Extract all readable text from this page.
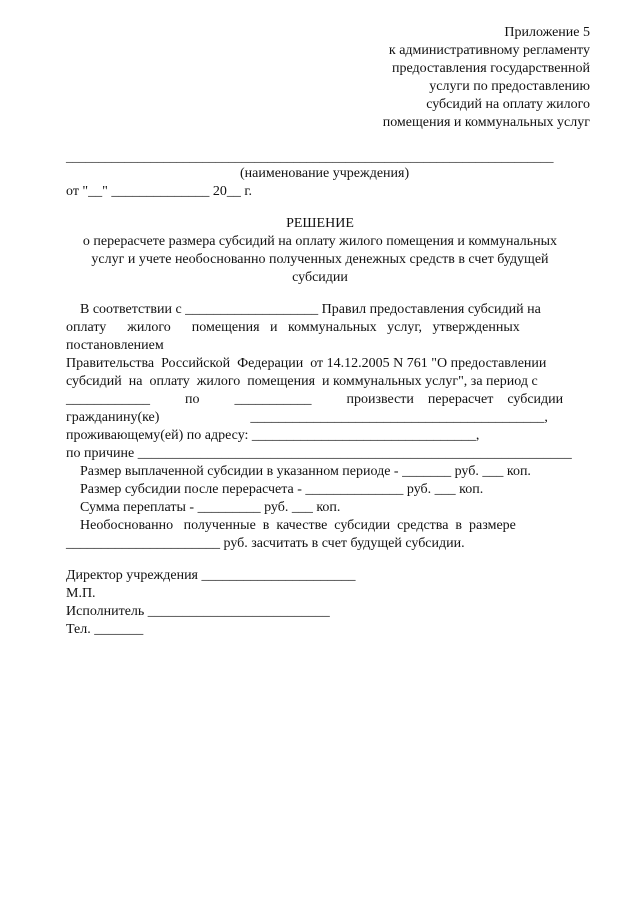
Приложение 5
к административному регламенту
предоставления государственной
услуги по предоставлению
субсидий на оплату жилого
помещения и коммунальных услуг
___________________________________________________________________________
(наименование учреждения)
от "__" ______________ 20__ г.
РЕШЕНИЕ
о перерасчете размера субсидий на оплату жилого помещения и коммунальных
услуг и учете необоснованно полученных денежных средств в счет будущей
субсидии
В соответствии с ___________________ Правил предоставления субсидий на
оплату      жилого      помещения   и   коммунальных   услуг,   утвержденных
постановлением
Правительства  Российской  Федерации  от 14.12.2005 N 761 "О предоставлении
субсидий  на  оплату  жилого  помещения  и коммунальных услуг", за период с
____________          по          ___________          произвести    перерасчет    субсидии
гражданину(ке)                          __________________________________________,
проживающему(ей) по адресу: ________________________________,
по причине ______________________________________________________________
Размер выплаченной субсидии в указанном периоде - _______ руб. ___ коп.
Размер субсидии после перерасчета - ______________ руб. ___ коп.
Сумма переплаты - _________ руб. ___ коп.
Необоснованно   полученные  в  качестве  субсидии  средства  в  размере
______________________ руб. засчитать в счет будущей субсидии.
Директор учреждения ______________________
М.П.
Исполнитель __________________________
Тел. _______
